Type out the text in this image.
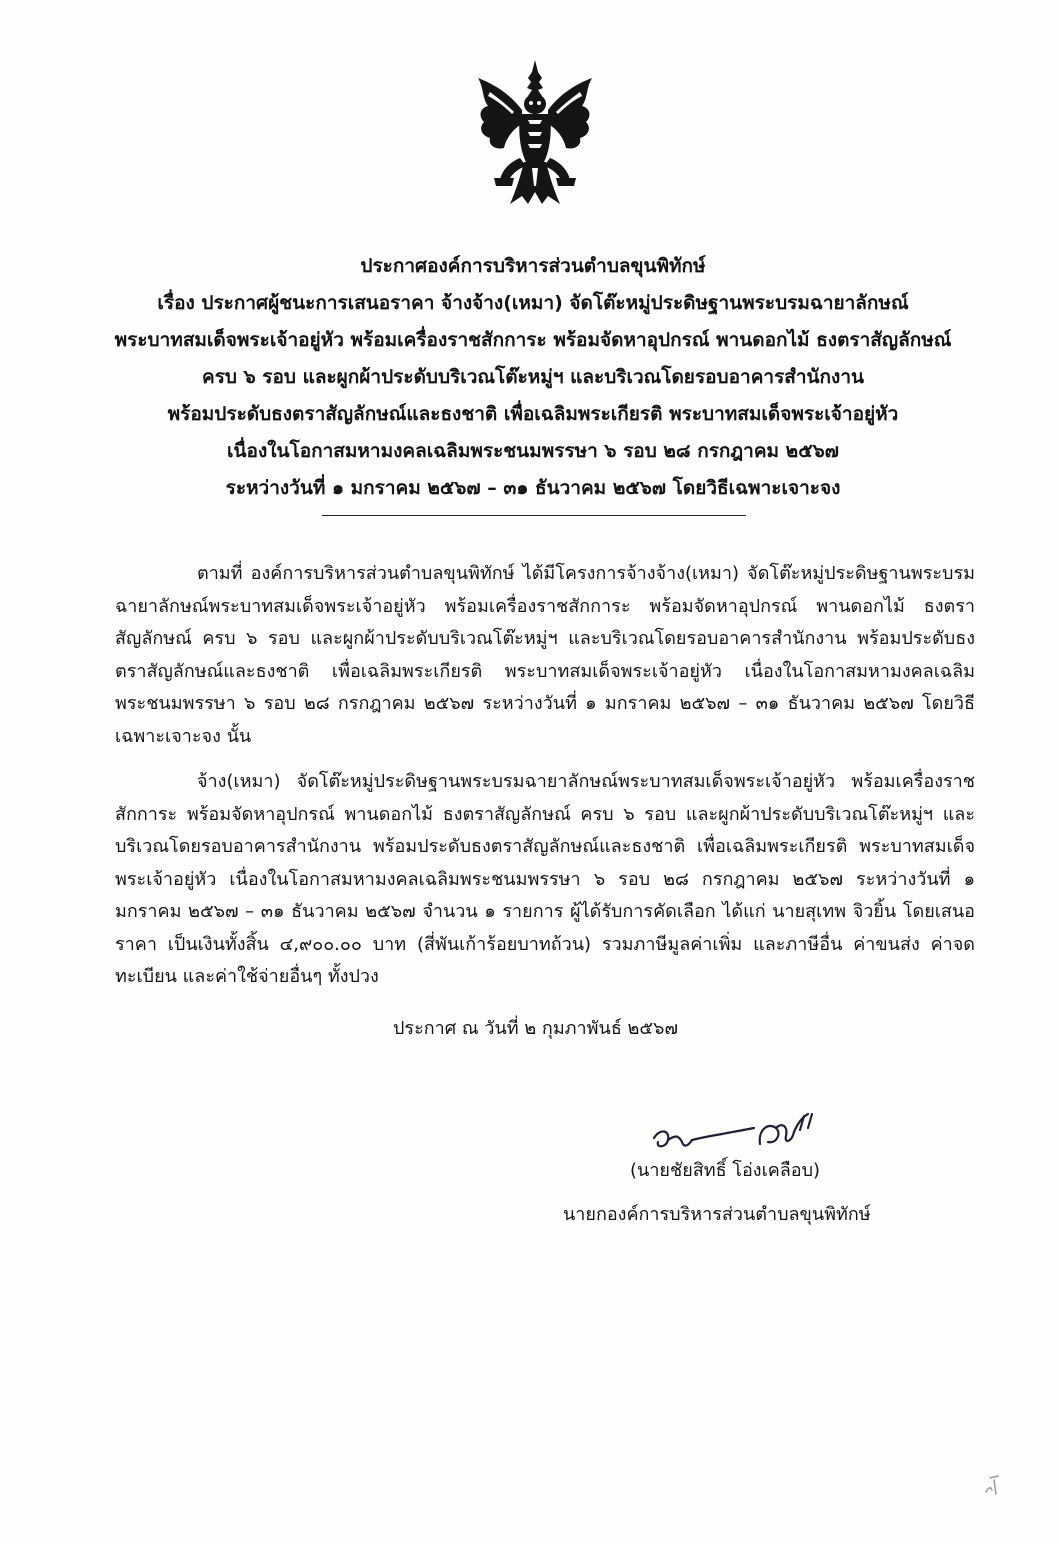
ประกาศองค์การบริหารส่วนตำบลขุนพิทักษ์
เรื่อง ประกาศผู้ชนะการเสนอราคา จ้างจ้าง(เหมา) จัดโต๊ะหมู่ประดิษฐานพระบรมฉายาลักษณ์
พระบาทสมเด็จพระเจ้าอยู่หัว พร้อมเครื่องราชสักการะ พร้อมจัดหาอุปกรณ์ พานดอกไม้ ธงตราสัญลักษณ์
ครบ ๖ รอบ และผูกผ้าประดับบริเวณโต๊ะหมู่ฯ และบริเวณโดยรอบอาคารสำนักงาน
พร้อมประดับธงตราสัญลักษณ์และธงชาติ เพื่อเฉลิมพระเกียรติ พระบาทสมเด็จพระเจ้าอยู่หัว
เนื่องในโอกาสมหามงคลเฉลิมพระชนมพรรษา ๖ รอบ ๒๘ กรกฎาคม ๒๕๖๗
ระหว่างวันที่ ๑ มกราคม ๒๕๖๗ – ๓๑ ธันวาคม ๒๕๖๗ โดยวิธีเฉพาะเจาะจง

ตามที่ องค์การบริหารส่วนตำบลขุนพิทักษ์ ได้มีโครงการจ้างจ้าง(เหมา) จัดโต๊ะหมู่ประดิษฐานพระบรมฉายาลักษณ์พระบาทสมเด็จพระเจ้าอยู่หัว พร้อมเครื่องราชสักการะ พร้อมจัดหาอุปกรณ์ พานดอกไม้ ธงตราสัญลักษณ์ ครบ ๖ รอบ และผูกผ้าประดับบริเวณโต๊ะหมู่ฯ และบริเวณโดยรอบอาคารสำนักงาน พร้อมประดับธงตราสัญลักษณ์และธงชาติ เพื่อเฉลิมพระเกียรติ พระบาทสมเด็จพระเจ้าอยู่หัว เนื่องในโอกาสมหามงคลเฉลิมพระชนมพรรษา ๖ รอบ ๒๘ กรกฎาคม ๒๕๖๗ ระหว่างวันที่ ๑ มกราคม ๒๕๖๗ – ๓๑ ธันวาคม ๒๕๖๗ โดยวิธีเฉพาะเจาะจง นั้น

จ้าง(เหมา) จัดโต๊ะหมู่ประดิษฐานพระบรมฉายาลักษณ์พระบาทสมเด็จพระเจ้าอยู่หัว พร้อมเครื่องราชสักการะ พร้อมจัดหาอุปกรณ์ พานดอกไม้ ธงตราสัญลักษณ์ ครบ ๖ รอบ และผูกผ้าประดับบริเวณโต๊ะหมู่ฯ และบริเวณโดยรอบอาคารสำนักงาน พร้อมประดับธงตราสัญลักษณ์และธงชาติ เพื่อเฉลิมพระเกียรติ พระบาทสมเด็จพระเจ้าอยู่หัว เนื่องในโอกาสมหามงคลเฉลิมพระชนมพรรษา ๖ รอบ ๒๘ กรกฎาคม ๒๕๖๗ ระหว่างวันที่ ๑ มกราคม ๒๕๖๗ – ๓๑ ธันวาคม ๒๕๖๗ จำนวน ๑ รายการ ผู้ได้รับการคัดเลือก ได้แก่ นายสุเทพ จิวยิ้น โดยเสนอราคา เป็นเงินทั้งสิ้น ๔,๙๐๐.๐๐ บาท (สี่พันเก้าร้อยบาทถ้วน) รวมภาษีมูลค่าเพิ่ม และภาษีอื่น ค่าขนส่ง ค่าจดทะเบียน และค่าใช้จ่ายอื่นๆ ทั้งปวง

ประกาศ ณ วันที่ ๒ กุมภาพันธ์ ๒๕๖๗
(นายชัยสิทธิ์ โอ่งเคลือบ)
นายกองค์การบริหารส่วนตำบลขุนพิทักษ์
